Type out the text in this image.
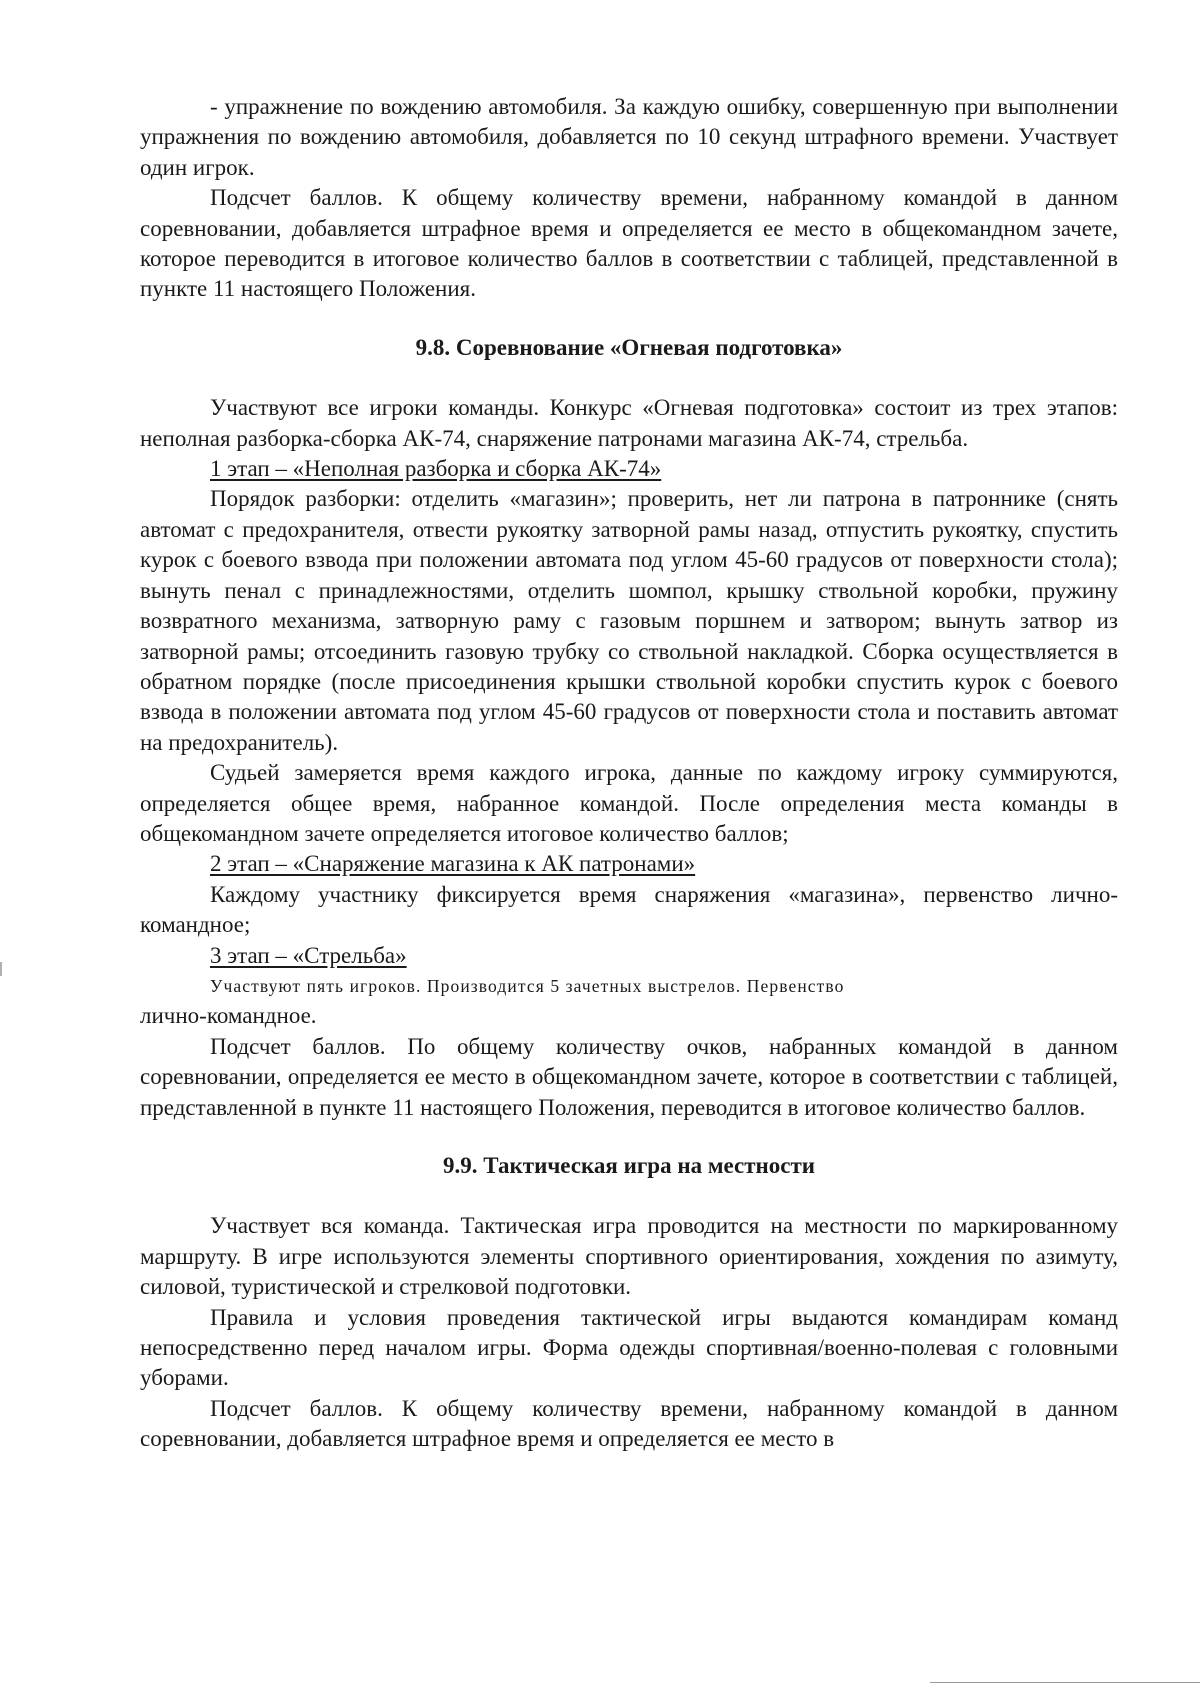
- упражнение по вождению автомобиля. За каждую ошибку, совершенную при выполнении упражнения по вождению автомобиля, добавляется по 10 секунд штрафного времени. Участвует один игрок.

Подсчет баллов. К общему количеству времени, набранному командой в данном соревновании, добавляется штрафное время и определяется ее место в общекомандном зачете, которое переводится в итоговое количество баллов в соответствии с таблицей, представленной в пункте 11 настоящего Положения.

9.8. Соревнование «Огневая подготовка»

Участвуют все игроки команды. Конкурс «Огневая подготовка» состоит из трех этапов: неполная разборка-сборка АК-74, снаряжение патронами магазина АК-74, стрельба.

1 этап – «Неполная разборка и сборка АК-74»

Порядок разборки: отделить «магазин»; проверить, нет ли патрона в патроннике (снять автомат с предохранителя, отвести рукоятку затворной рамы назад, отпустить рукоятку, спустить курок с боевого взвода при положении автомата под углом 45-60 градусов от поверхности стола); вынуть пенал с принадлежностями, отделить шомпол, крышку ствольной коробки, пружину возвратного механизма, затворную раму с газовым поршнем и затвором; вынуть затвор из затворной рамы; отсоединить газовую трубку со ствольной накладкой. Сборка осуществляется в обратном порядке (после присоединения крышки ствольной коробки спустить курок с боевого взвода в положении автомата под углом 45-60 градусов от поверхности стола и поставить автомат на предохранитель).

Судьей замеряется время каждого игрока, данные по каждому игроку суммируются, определяется общее время, набранное командой. После определения места команды в общекомандном зачете определяется итоговое количество баллов;

2 этап – «Снаряжение магазина к АК патронами»

Каждому участнику фиксируется время снаряжения «магазина», первенство лично-командное;

3 этап – «Стрельба»

Участвуют пять игроков. Производится 5 зачетных выстрелов. Первенство

лично-командное.

Подсчет баллов. По общему количеству очков, набранных командой в данном соревновании, определяется ее место в общекомандном зачете, которое в соответствии с таблицей, представленной в пункте 11 настоящего Положения, переводится в итоговое количество баллов.

9.9. Тактическая игра на местности

Участвует вся команда. Тактическая игра проводится на местности по маркированному маршруту. В игре используются элементы спортивного ориентирования, хождения по азимуту, силовой, туристической и стрелковой подготовки.

Правила и условия проведения тактической игры выдаются командирам команд непосредственно перед началом игры. Форма одежды спортивная/военно-полевая с головными уборами.

Подсчет баллов. К общему количеству времени, набранному командой в данном соревновании, добавляется штрафное время и определяется ее место в
